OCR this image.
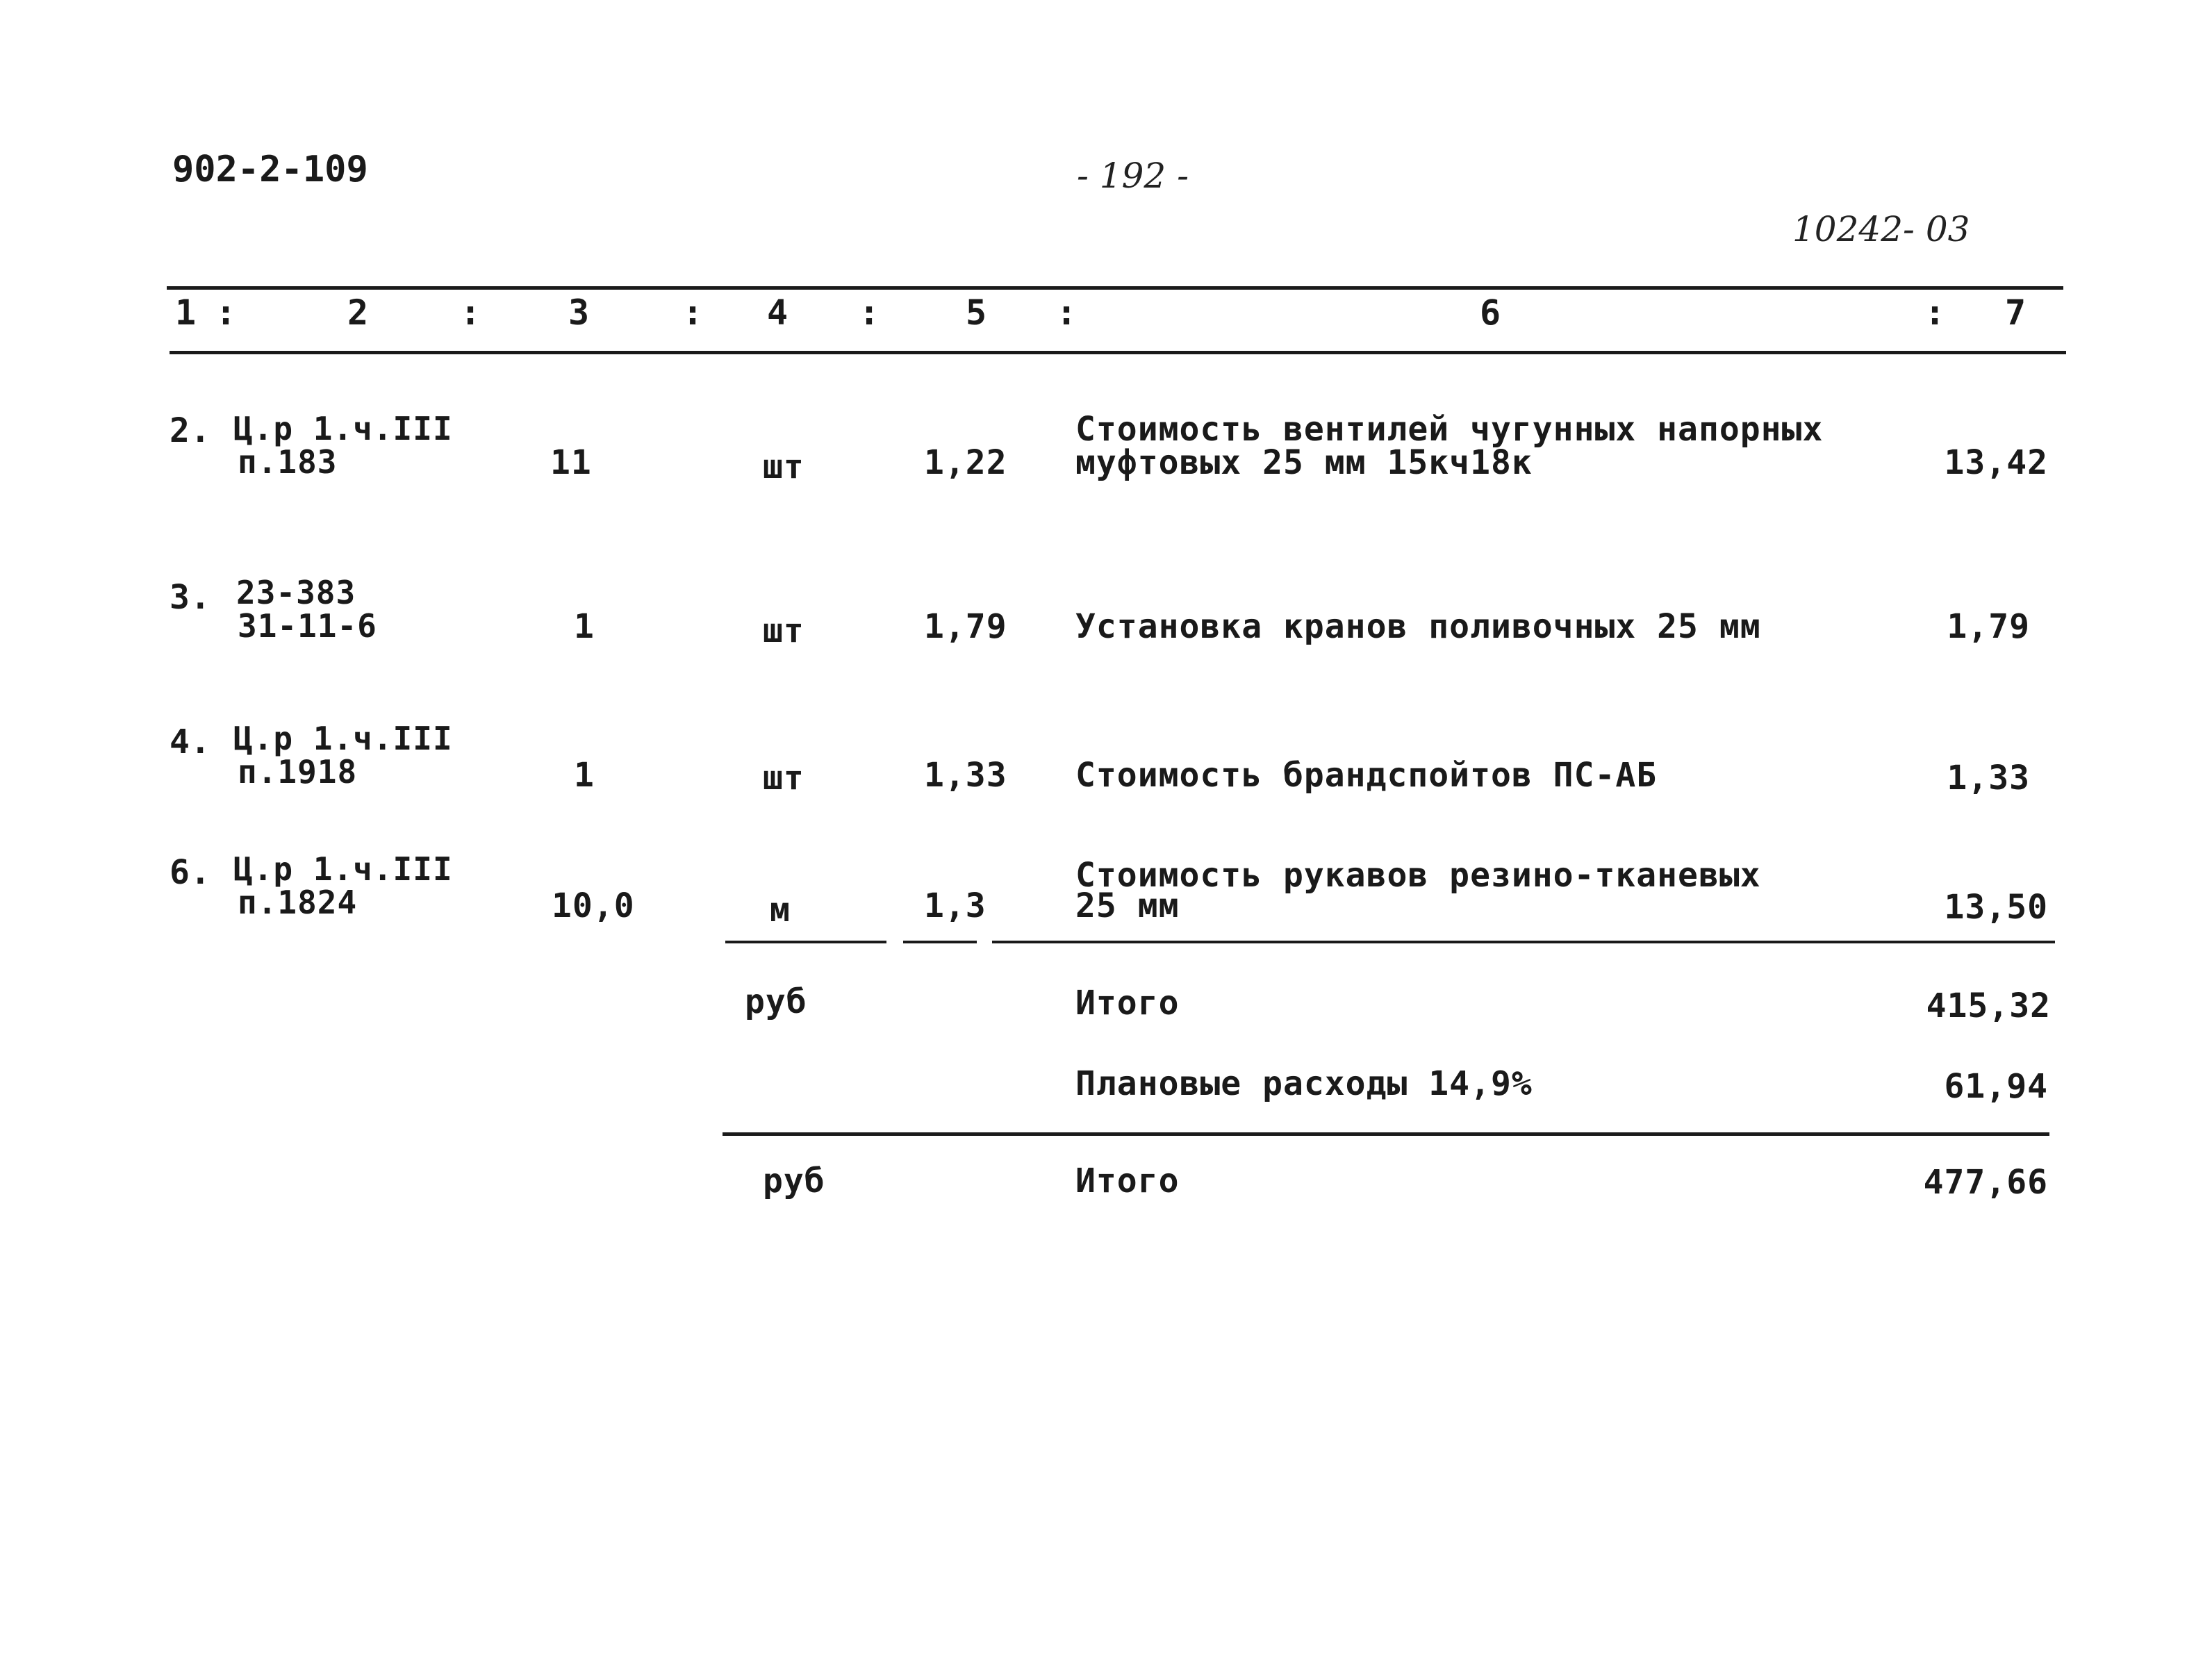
902-2-109	- 192 -
10242- 03
1 :	2	:	3	: 4 : 5 :	6	: 7
2. Ц.р 1.ч.III
п.183	11	шт	1,22
Стоимость вентилей чугунных напорных
муфтовых 25 мм 15кч18к	13,42
3. 23-383
31-11-6	1	шт	1,79 Установка кранов поливочных 25 мм	1,79
4. Ц.р 1.ч.III
п.1918	1	шт	1,33 Стоимость брандспойтов ПС-АБ	1,33
6. Ц.р 1.ч.III
п.1824	10,0	м	1,3
Стоимость рукавов резино-тканевых
25 мм	13,50
руб	Итого	415,32
Плановые расходы 14,9%	61,94
руб	Итого	477,66
